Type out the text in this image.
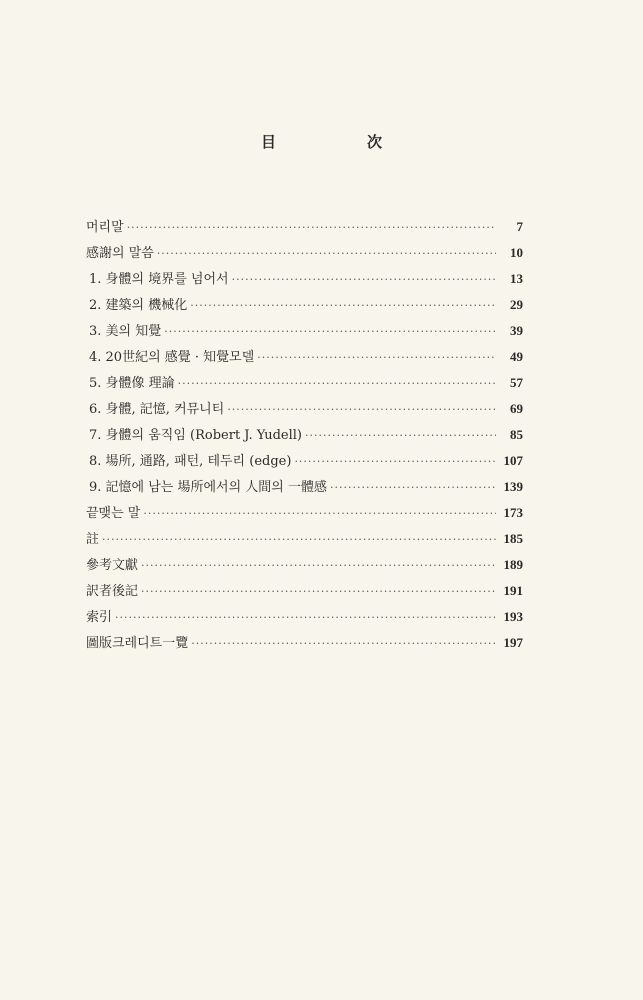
目　次
머리말 ·····	7
感謝의 말씀 ·····	10
1. 身體의 境界를 넘어서 ·····	13
2. 建築의 機械化 ·····	29
3. 美의 知覺 ·····	39
4. 20世紀의 感覺 · 知覺모델 ·····	49
5. 身體像 理論 ·····	57
6. 身體, 記憶, 커뮤니티 ·····	69
7. 身體의 움직임 (Robert J. Yudell) ·····	85
8. 場所, 通路, 패턴, 테두리 (edge) ·····	107
9. 記憶에 남는 場所에서의 人間의 一體感 ·····	139
끝맺는 말 ·····	173
註 ·····	185
參考文獻 ·····	189
訳者後記 ·····	191
索引 ·····	193
圖版크레디트一覽 ·····	197
